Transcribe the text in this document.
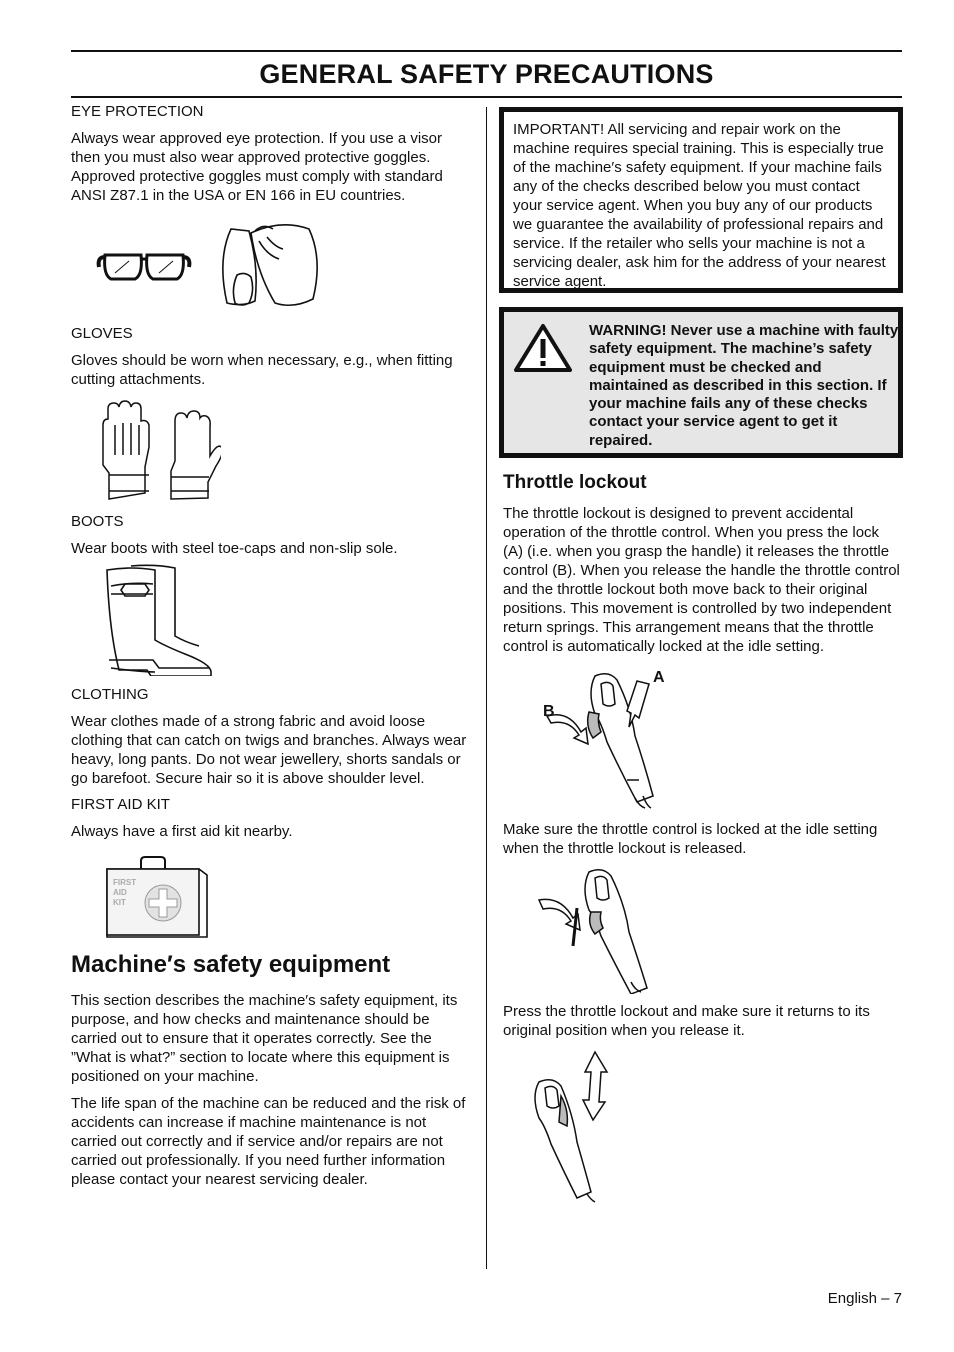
GENERAL SAFETY PRECAUTIONS
EYE PROTECTION
Always wear approved eye protection. If you use a visor then you must also wear approved protective goggles. Approved protective goggles must comply with standard ANSI Z87.1 in the USA or EN 166 in EU countries.
GLOVES
Gloves should be worn when necessary, e.g., when fitting cutting attachments.
BOOTS
Wear boots with steel toe-caps and non-slip sole.
CLOTHING
Wear clothes made of a strong fabric and avoid loose clothing that can catch on twigs and branches. Always wear heavy, long pants. Do not wear jewellery, shorts sandals or go barefoot. Secure hair so it is above shoulder level.
FIRST AID KIT
Always have a first aid kit nearby.
FIRST
AID
KIT
Machine′s safety equipment
This section describes the machine′s safety equipment, its purpose, and how checks and maintenance should be carried out to ensure that it operates correctly. See the ”What is what?” section to locate where this equipment is positioned on your machine.
The life span of the machine can be reduced and the risk of accidents can increase if machine maintenance is not carried out correctly and if service and/or repairs are not carried out professionally. If you need further information please contact your nearest servicing dealer.
IMPORTANT! All servicing and repair work on the machine requires special training. This is especially true of the machine′s safety equipment. If your machine fails any of the checks described below you must contact your service agent. When you buy any of our products we guarantee the availability of professional repairs and service. If the retailer who sells your machine is not a servicing dealer, ask him for the address of your nearest service agent.
WARNING! Never use a machine with faulty safety equipment. The machine’s safety equipment must be checked and maintained as described in this section. If your machine fails any of these checks contact your service agent to get it repaired.
Throttle lockout
The throttle lockout is designed to prevent accidental operation of the throttle control. When you press the lock (A) (i.e. when you grasp the handle) it releases the throttle control (B). When you release the handle the throttle control and the throttle lockout both move back to their original positions. This movement is controlled by two independent return springs. This arrangement means that the throttle control is automatically locked at the idle setting.
A
B
Make sure the throttle control is locked at the idle setting when the throttle lockout is released.
Press the throttle lockout and make sure it returns to its original position when you release it.
English – 7
